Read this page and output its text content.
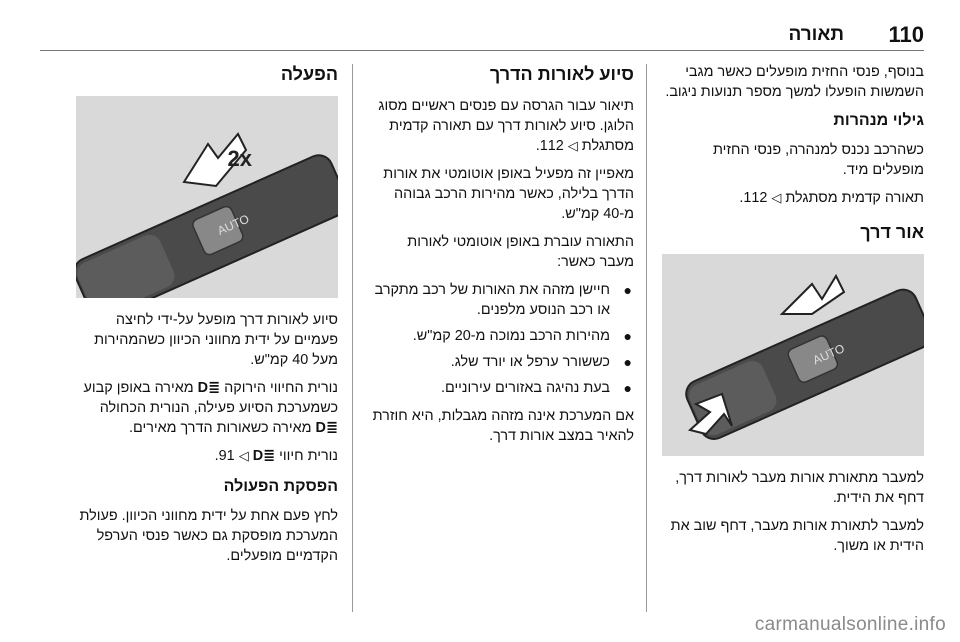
110
תאורה

בנוסף, פנסי החזית מופעלים כאשר מגבי השמשות הופעלו למשך מספר תנועות ניגוב.

גילוי מנהרות

כשהרכב נכנס למנהרה, פנסי החזית מופעלים מיד.

תאורה קדמית מסתגלת ◁ 112.

אור דרך
AUTO

למעבר מתאורת אורות מעבר לאורות דרך, דחף את הידית.

למעבר לתאורת אורות מעבר, דחף שוב את הידית או משוך.

סיוע לאורות הדרך

תיאור עבור הגרסה עם פנסים ראשיים מסוג הלוגן. סיוע לאורות דרך עם תאורה קדמית מסתגלת ◁ 112.

מאפיין זה מפעיל באופן אוטומטי את אורות הדרך בלילה, כאשר מהירות הרכב גבוהה מ-40 קמ"ש.

התאורה עוברת באופן אוטומטי לאורות מעבר כאשר:

●
חיישן מזהה את האורות של רכב מתקרב או רכב הנוסע מלפנים.
●
מהירות הרכב נמוכה מ-20 קמ"ש.
●
כששורר ערפל או יורד שלג.
●
בעת נהיגה באזורים עירוניים.

אם המערכת אינה מזהה מגבלות, היא חוזרת להאיר במצב אורות דרך.

הפעלה
AUTO
2x

סיוע לאורות דרך מופעל על-ידי לחיצה פעמיים על ידית מחווני הכיוון כשהמהירות מעל 40 קמ"ש.

נורית החיווי הירוקה ≣D מאירה באופן קבוע כשמערכת הסיוע פעילה, הנורית הכחולה ≣D מאירה כשאורות הדרך מאירים.

נורית חיווי ≣D ◁ 91.

הפסקת הפעולה

לחץ פעם אחת על ידית מחווני הכיוון. פעולת המערכת מופסקת גם כאשר פנסי הערפל הקדמיים מופעלים.

carmanualsonline.info
